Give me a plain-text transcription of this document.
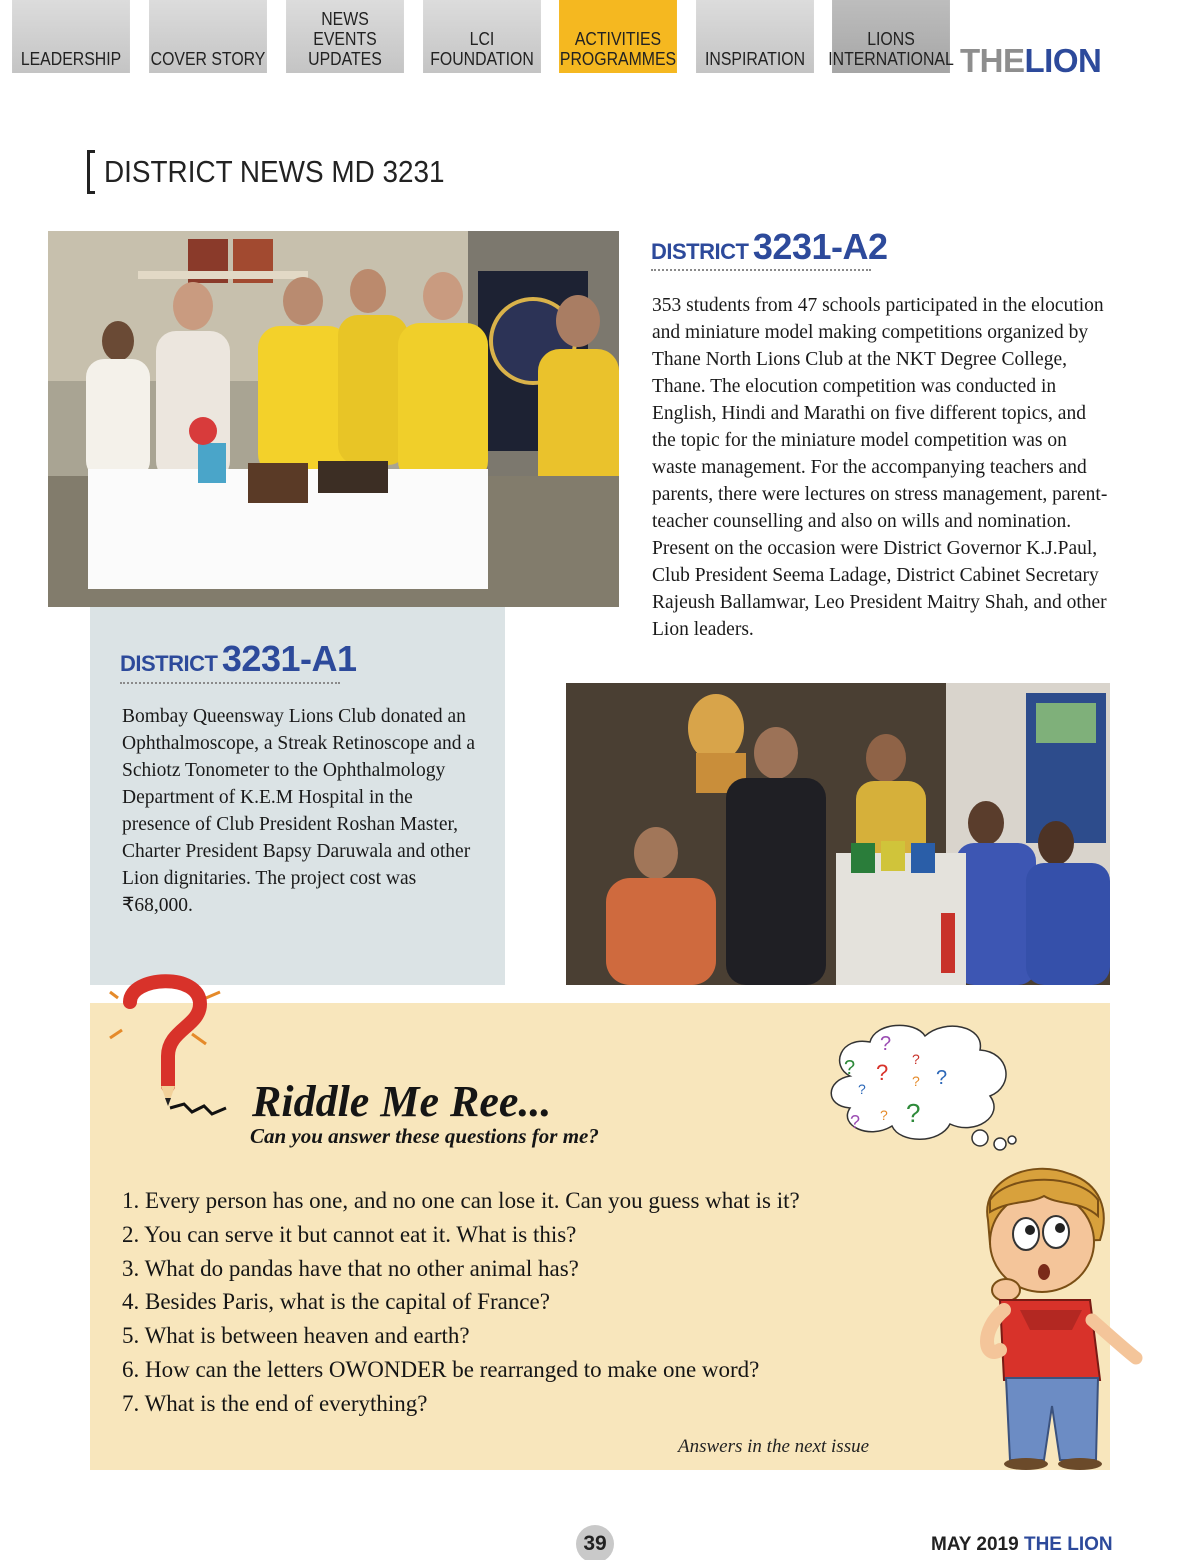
LEADERSHIP	COVER STORY
NEWS EVENTS UPDATES
LCI FOUNDATION
ACTIVITIES PROGRAMMES	INSPIRATION
LIONS INTERNATIONAL THELION
DISTRICT NEWS MD 3231
DISTRICT 3231-A2

353 students from 47 schools participated in the elocution and miniature model making competitions organized by Thane North Lions Club at the NKT Degree College, Thane. The elocution competition was conducted in English, Hindi and Marathi on five different topics, and the topic for the miniature model competition was on waste management. For the accompanying teachers and parents, there were lectures on stress management, parent-teacher counselling and also on wills and nomination. Present on the occasion were District Governor K.J.Paul, Club President Seema Ladage, District Cabinet Secretary Rajeush Ballamwar, Leo President Maitry Shah, and other Lion leaders.

DISTRICT 3231-A1

Bombay Queensway Lions Club donated an Ophthalmoscope, a Streak Retinoscope and a Schiotz Tonometer to the Ophthalmology Department of K.E.M Hospital in the presence of Club President Roshan Master, Charter President Bapsy Daruwala and other Lion dignitaries. The project cost was ₹68,000.

Riddle Me Ree...
Can you answer these questions for me?
?
? ?
?
? ?
?
? ? ?
1. Every person has one, and no one can lose it. Can you guess what is it?
2. You can serve it but cannot eat it. What is this?
3. What do pandas have that no other animal has?
4. Besides Paris, what is the capital of France?
5. What is between heaven and earth?
6. How can the letters OWONDER be rearranged to make one word?
7. What is the end of everything?
Answers in the next issue
39	MAY 2019 THE LION
